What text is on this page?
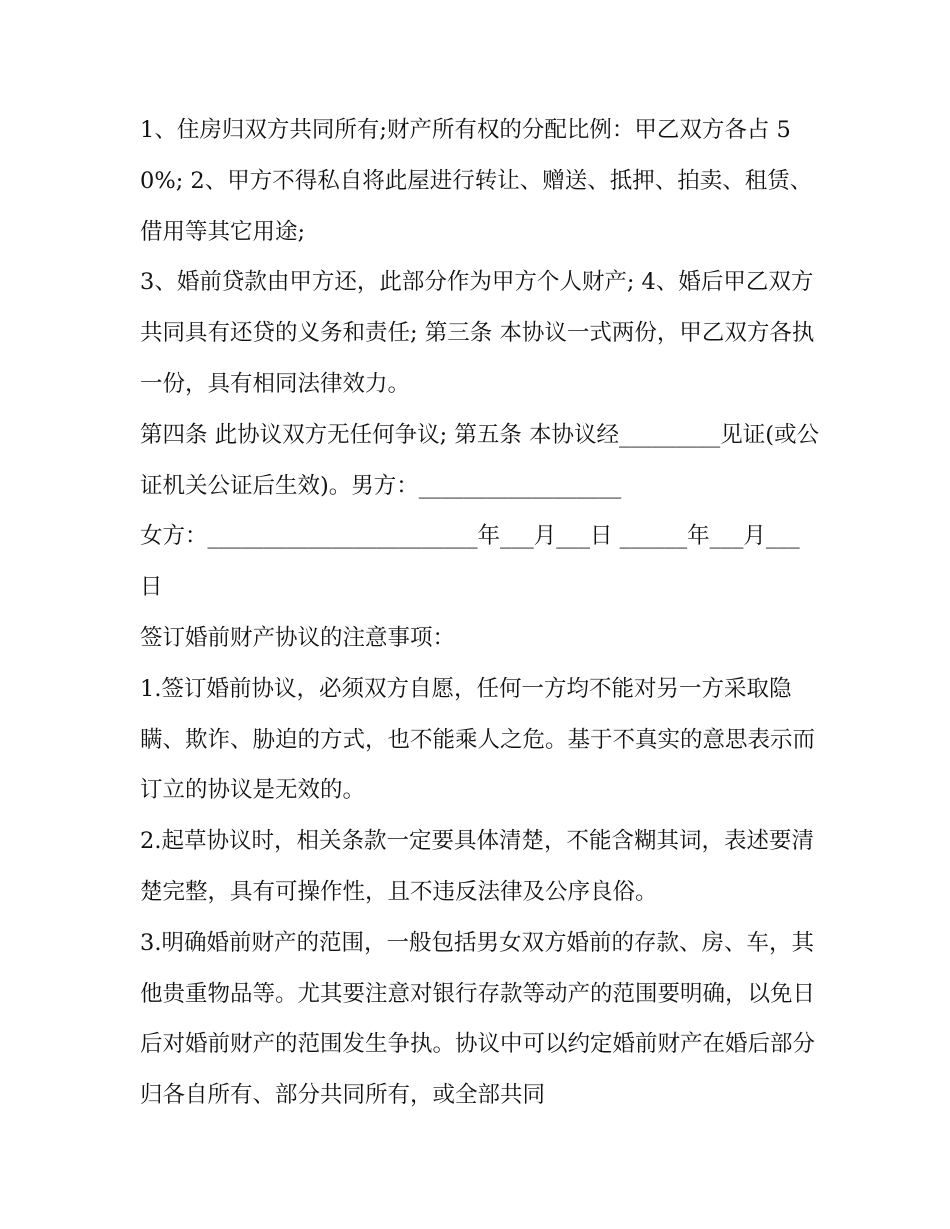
1、住房归双方共同所有;财产所有权的分配比例：甲乙双方各占 50%; 2、甲方不得私自将此屋进行转让、赠送、抵押、拍卖、租赁、借用等其它用途;

3、婚前贷款由甲方还，此部分作为甲方个人财产; 4、婚后甲乙双方共同具有还贷的义务和责任; 第三条 本协议一式两份，甲乙双方各执一份，具有相同法律效力。

第四条 此协议双方无任何争议; 第五条 本协议经_________见证(或公证机关公证后生效)。男方：__________________

女方：________________________年___月___日 ______年___月___日

签订婚前财产协议的注意事项：

1.签订婚前协议，必须双方自愿，任何一方均不能对另一方采取隐瞒、欺诈、胁迫的方式，也不能乘人之危。基于不真实的意思表示而订立的协议是无效的。

2.起草协议时，相关条款一定要具体清楚，不能含糊其词，表述要清楚完整，具有可操作性，且不违反法律及公序良俗。

3.明确婚前财产的范围，一般包括男女双方婚前的存款、房、车，其他贵重物品等。尤其要注意对银行存款等动产的范围要明确，以免日后对婚前财产的范围发生争执。协议中可以约定婚前财产在婚后部分归各自所有、部分共同所有，或全部共同
